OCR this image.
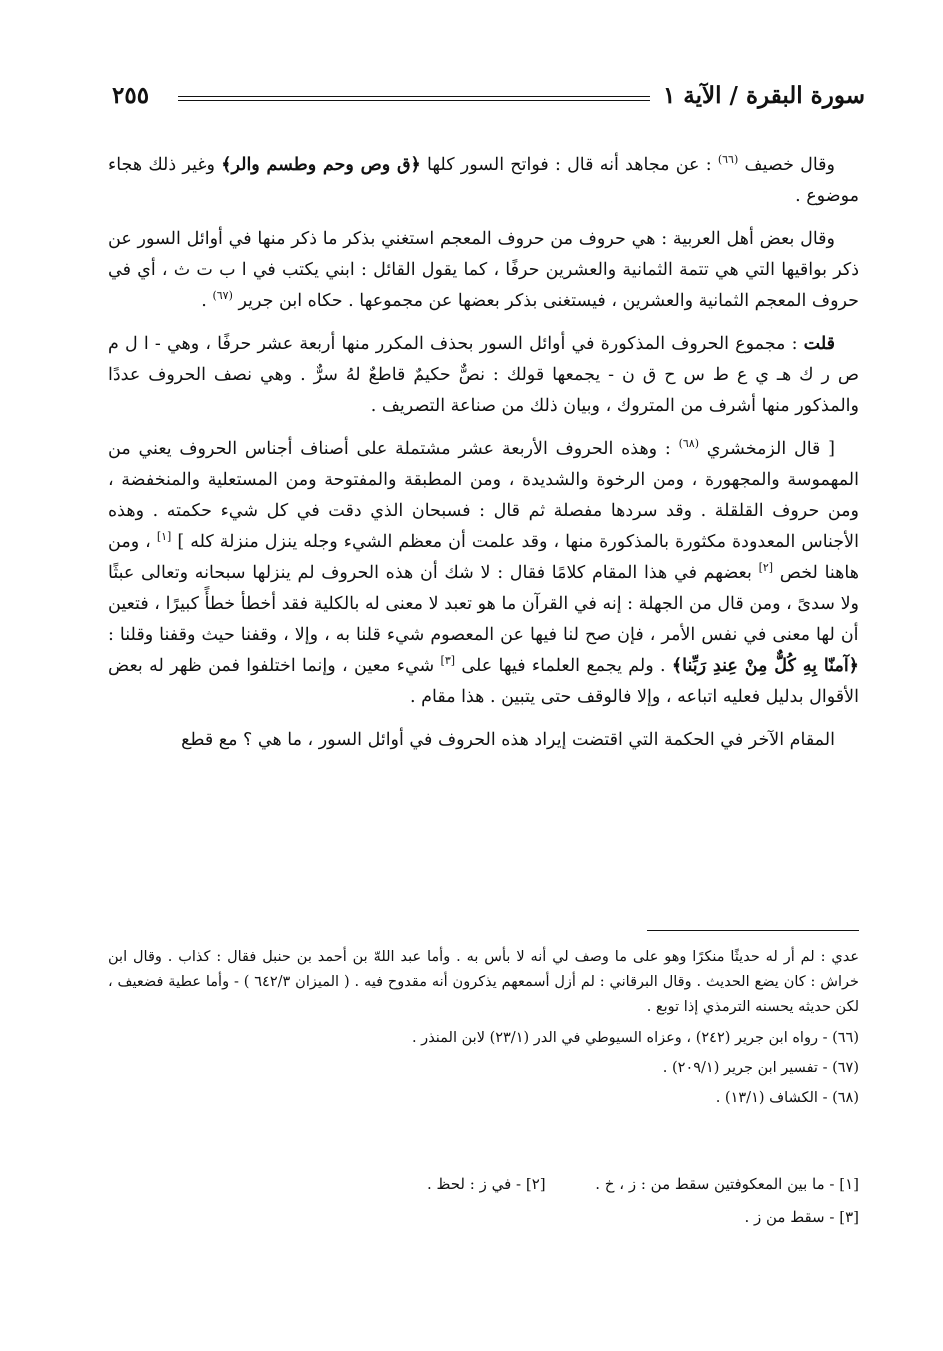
سورة البقرة / الآية ١
٢٥٥

وقال خصيف $^{(٦٦)}$ : عن مجاهد أنه قال : فواتح السور كلها ﴿ق وص وحم وطسم والر﴾ وغير ذلك هجاء موضوع .

وقال بعض أهل العربية : هي حروف من حروف المعجم استغني بذكر ما ذكر منها في أوائل السور عن ذكر بواقيها التي هي تتمة الثمانية والعشرين حرفًا ، كما يقول القائل : ابني يكتب في ا ب ت ث ، أي في حروف المعجم الثمانية والعشرين ، فيستغنى بذكر بعضها عن مجموعها . حكاه ابن جرير $^{(٦٧)}$ .

قلت : مجموع الحروف المذكورة في أوائل السور بحذف المكرر منها أربعة عشر حرفًا ، وهي - ا ل م ص ر ك هـ ي ع ط س ح ق ن - يجمعها قولك : نصٌّ حكيمٌ قاطعٌ لهُ سرٌّ . وهي نصف الحروف عددًا والمذكور منها أشرف من المتروك ، وبيان ذلك من صناعة التصريف .

[ قال الزمخشري $^{(٦٨)}$ : وهذه الحروف الأربعة عشر مشتملة على أصناف أجناس الحروف يعني من المهموسة والمجهورة ، ومن الرخوة والشديدة ، ومن المطبقة والمفتوحة ومن المستعلية والمنخفضة ، ومن حروف القلقلة . وقد سردها مفصلة ثم قال : فسبحان الذي دقت في كل شيء حكمته . وهذه الأجناس المعدودة مكثورة بالمذكورة منها ، وقد علمت أن معظم الشيء وجله ينزل منزلة كله ] [١] ، ومن هاهنا لخص [٢] بعضهم في هذا المقام كلامًا فقال : لا شك أن هذه الحروف لم ينزلها سبحانه وتعالى عبثًا ولا سدىً ، ومن قال من الجهلة : إنه في القرآن ما هو تعبد لا معنى له بالكلية فقد أخطأ خطأً كبيرًا ، فتعين أن لها معنى في نفس الأمر ، فإن صح لنا فيها عن المعصوم شيء قلنا به ، وإلا ، وقفنا حيث وقفنا وقلنا : ﴿آمنّا بِهِ كُلٌّ مِنْ عِندِ رَبِّنا﴾ . ولم يجمع العلماء فيها على [٣] شيء معين ، وإنما اختلفوا فمن ظهر له بعض الأقوال بدليل فعليه اتباعه ، وإلا فالوقف حتى يتبين . هذا مقام .

المقام الآخر في الحكمة التي اقتضت إيراد هذه الحروف في أوائل السور ، ما هي ؟ مع قطع

عدي : لم أر له حديثًا منكرًا وهو على ما وصف لي أنه لا بأس به . وأما عبد اللهّ بن أحمد بن حنبل فقال : كذاب . وقال ابن خراش : كان يضع الحديث . وقال البرقاني : لم أزل أسمعهم يذكرون أنه مقدوح فيه . ( الميزان ٦٤٢/٣ ) - وأما عطية فضعيف ، لكن حديثه يحسنه الترمذي إذا توبع .

(٦٦) - رواه ابن جرير (٢٤٢) ، وعزاه السيوطي في الدر (٢٣/١) لابن المنذر .

(٦٧) - تفسير ابن جرير (٢٠٩/١) .

(٦٨) - الكشاف (١٣/١) .

[١] - ما بين المعكوفتين سقط من : ز ، خ .  [٢] - في ز : لحظ .

[٣] - سقط من ز .
